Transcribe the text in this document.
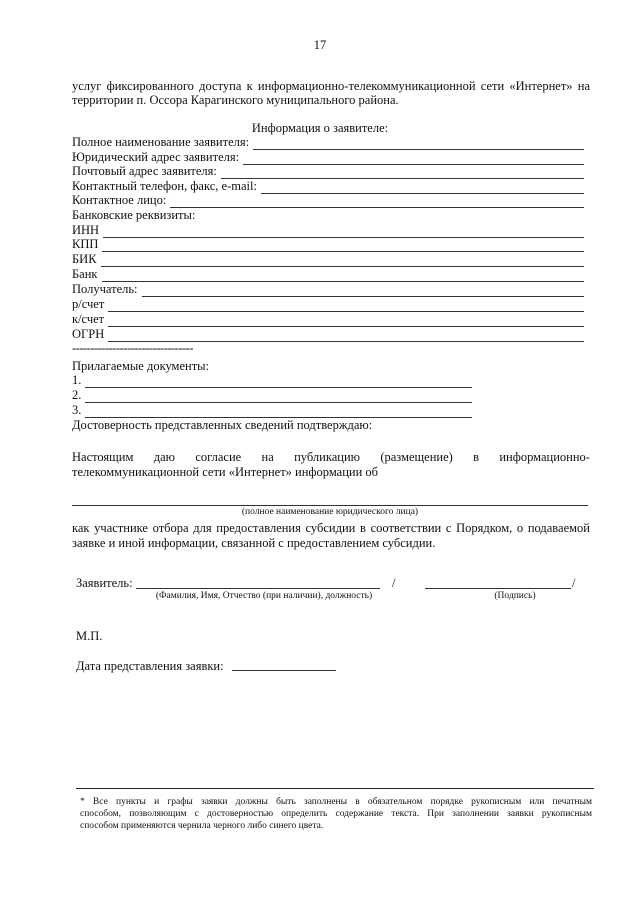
17
услуг фиксированного доступа к информационно-телекоммуникационной сети «Интернет» на
территории п. Оссора Карагинского муниципального района.
Информация о заявителе:
Полное наименование заявителя:
Юридический адрес заявителя:
Почтовый адрес заявителя:
Контактный телефон, факс, e-mail:
Контактное лицо:
Банковские реквизиты:
ИНН
КПП
БИК
Банк
Получатель:
р/счет
к/счет
ОГРН
---------------------------------
Прилагаемые документы:
1.
2.
3.
Достоверность представленных сведений подтверждаю:
Настоящим даю согласие на публикацию (размещение) в информационно-
телекоммуникационной сети «Интернет» информации об
(полное наименование юридического лица)
как участнике отбора для предоставления субсидии в соответствии с Порядком, о подаваемой
заявке и иной информации, связанной с предоставлением субсидии.
Заявитель:	/	/
(Фамилия, Имя, Отчество (при наличии), должность)	(Подпись)
М.П.
Дата представления заявки:
* Все пункты и графы заявки должны быть заполнены в обязательном порядке рукописным или печатным
способом, позволяющим с достоверностью определить содержание текста. При заполнении заявки рукописным
способом применяются чернила черного либо синего цвета.
